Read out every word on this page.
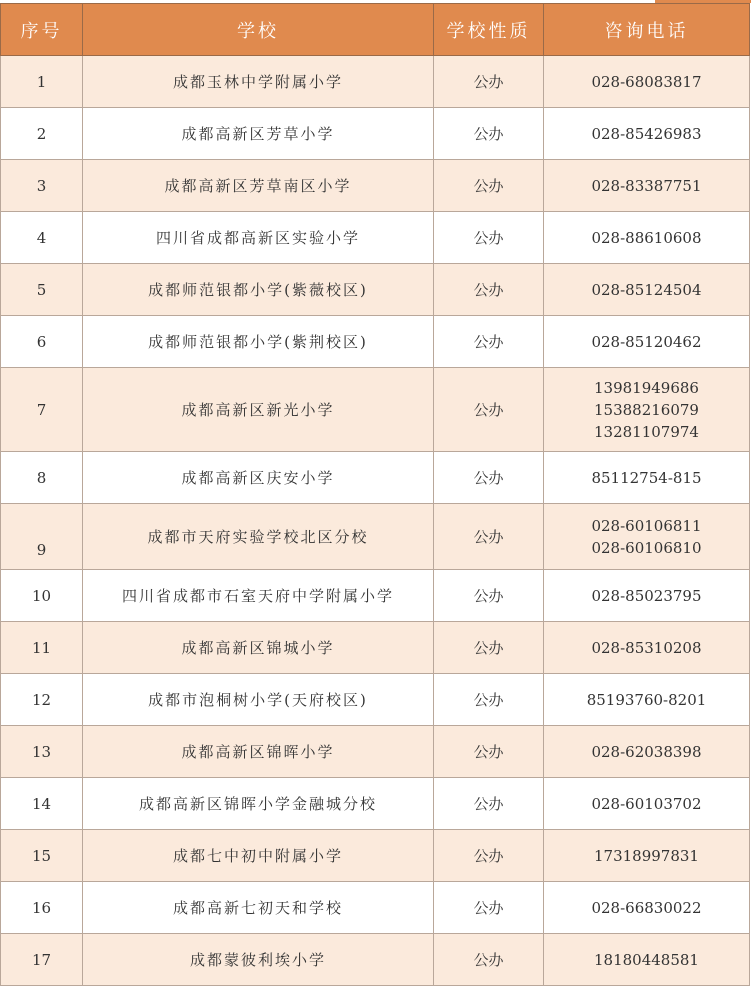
序号	学校	学校性质	咨询电话
1	成都玉林中学附属小学	公办	028-68083817

2	成都高新区芳草小学	公办	028-85426983

3	成都高新区芳草南区小学	公办	028-83387751

4	四川省成都高新区实验小学	公办	028-88610608

5	成都师范银都小学(紫薇校区)	公办	028-85124504

6	成都师范银都小学(紫荆校区)	公办	028-85120462

7	成都高新区新光小学	公办	13981949686
15388216079
13281107974

8	成都高新区庆安小学	公办	85112754-815

9	成都市天府实验学校北区分校	公办	028-60106811
028-60106810

10	四川省成都市石室天府中学附属小学	公办	028-85023795

11	成都高新区锦城小学	公办	028-85310208

12	成都市泡桐树小学(天府校区)	公办	85193760-8201

13	成都高新区锦晖小学	公办	028-62038398

14	成都高新区锦晖小学金融城分校	公办	028-60103702

15	成都七中初中附属小学	公办	17318997831

16	成都高新七初天和学校	公办	028-66830022

17	成都蒙彼利埃小学	公办	18180448581
